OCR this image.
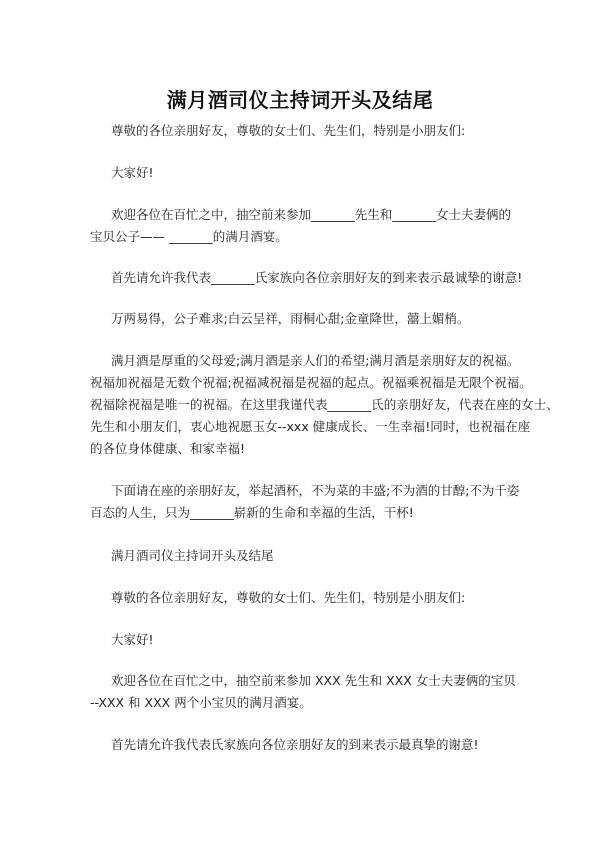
满月酒司仪主持词开头及结尾
尊敬的各位亲朋好友，尊敬的女士们、先生们，特别是小朋友们:
大家好!
欢迎各位在百忙之中，抽空前来参加_______先生和_______女士夫妻俩的
宝贝公子—— _______的满月酒宴。
首先请允许我代表_______氏家族向各位亲朋好友的到来表示最诚挚的谢意!
万两易得，公子难求;白云呈祥，雨桐心甜;金童降世，囍上媚梢。
满月酒是厚重的父母爱;满月酒是亲人们的希望;满月酒是亲朋好友的祝福。
祝福加祝福是无数个祝福;祝福减祝福是祝福的起点。祝福乘祝福是无限个祝福。
祝福除祝福是唯一的祝福。在这里我谨代表_______氏的亲朋好友，代表在座的女士、
先生和小朋友们，衷心地祝愿玉女--xxx 健康成长、一生幸福!同时，也祝福在座
的各位身体健康、和家幸福!
下面请在座的亲朋好友，举起酒杯，不为菜的丰盛;不为酒的甘醇;不为千姿
百态的人生，只为_______崭新的生命和幸福的生活，干杯!
满月酒司仪主持词开头及结尾
尊敬的各位亲朋好友，尊敬的女士们、先生们，特别是小朋友们:
大家好!
欢迎各位在百忙之中，抽空前来参加 XXX 先生和 XXX 女士夫妻俩的宝贝
--XXX 和 XXX 两个小宝贝的满月酒宴。
首先请允许我代表氏家族向各位亲朋好友的到来表示最真挚的谢意!
